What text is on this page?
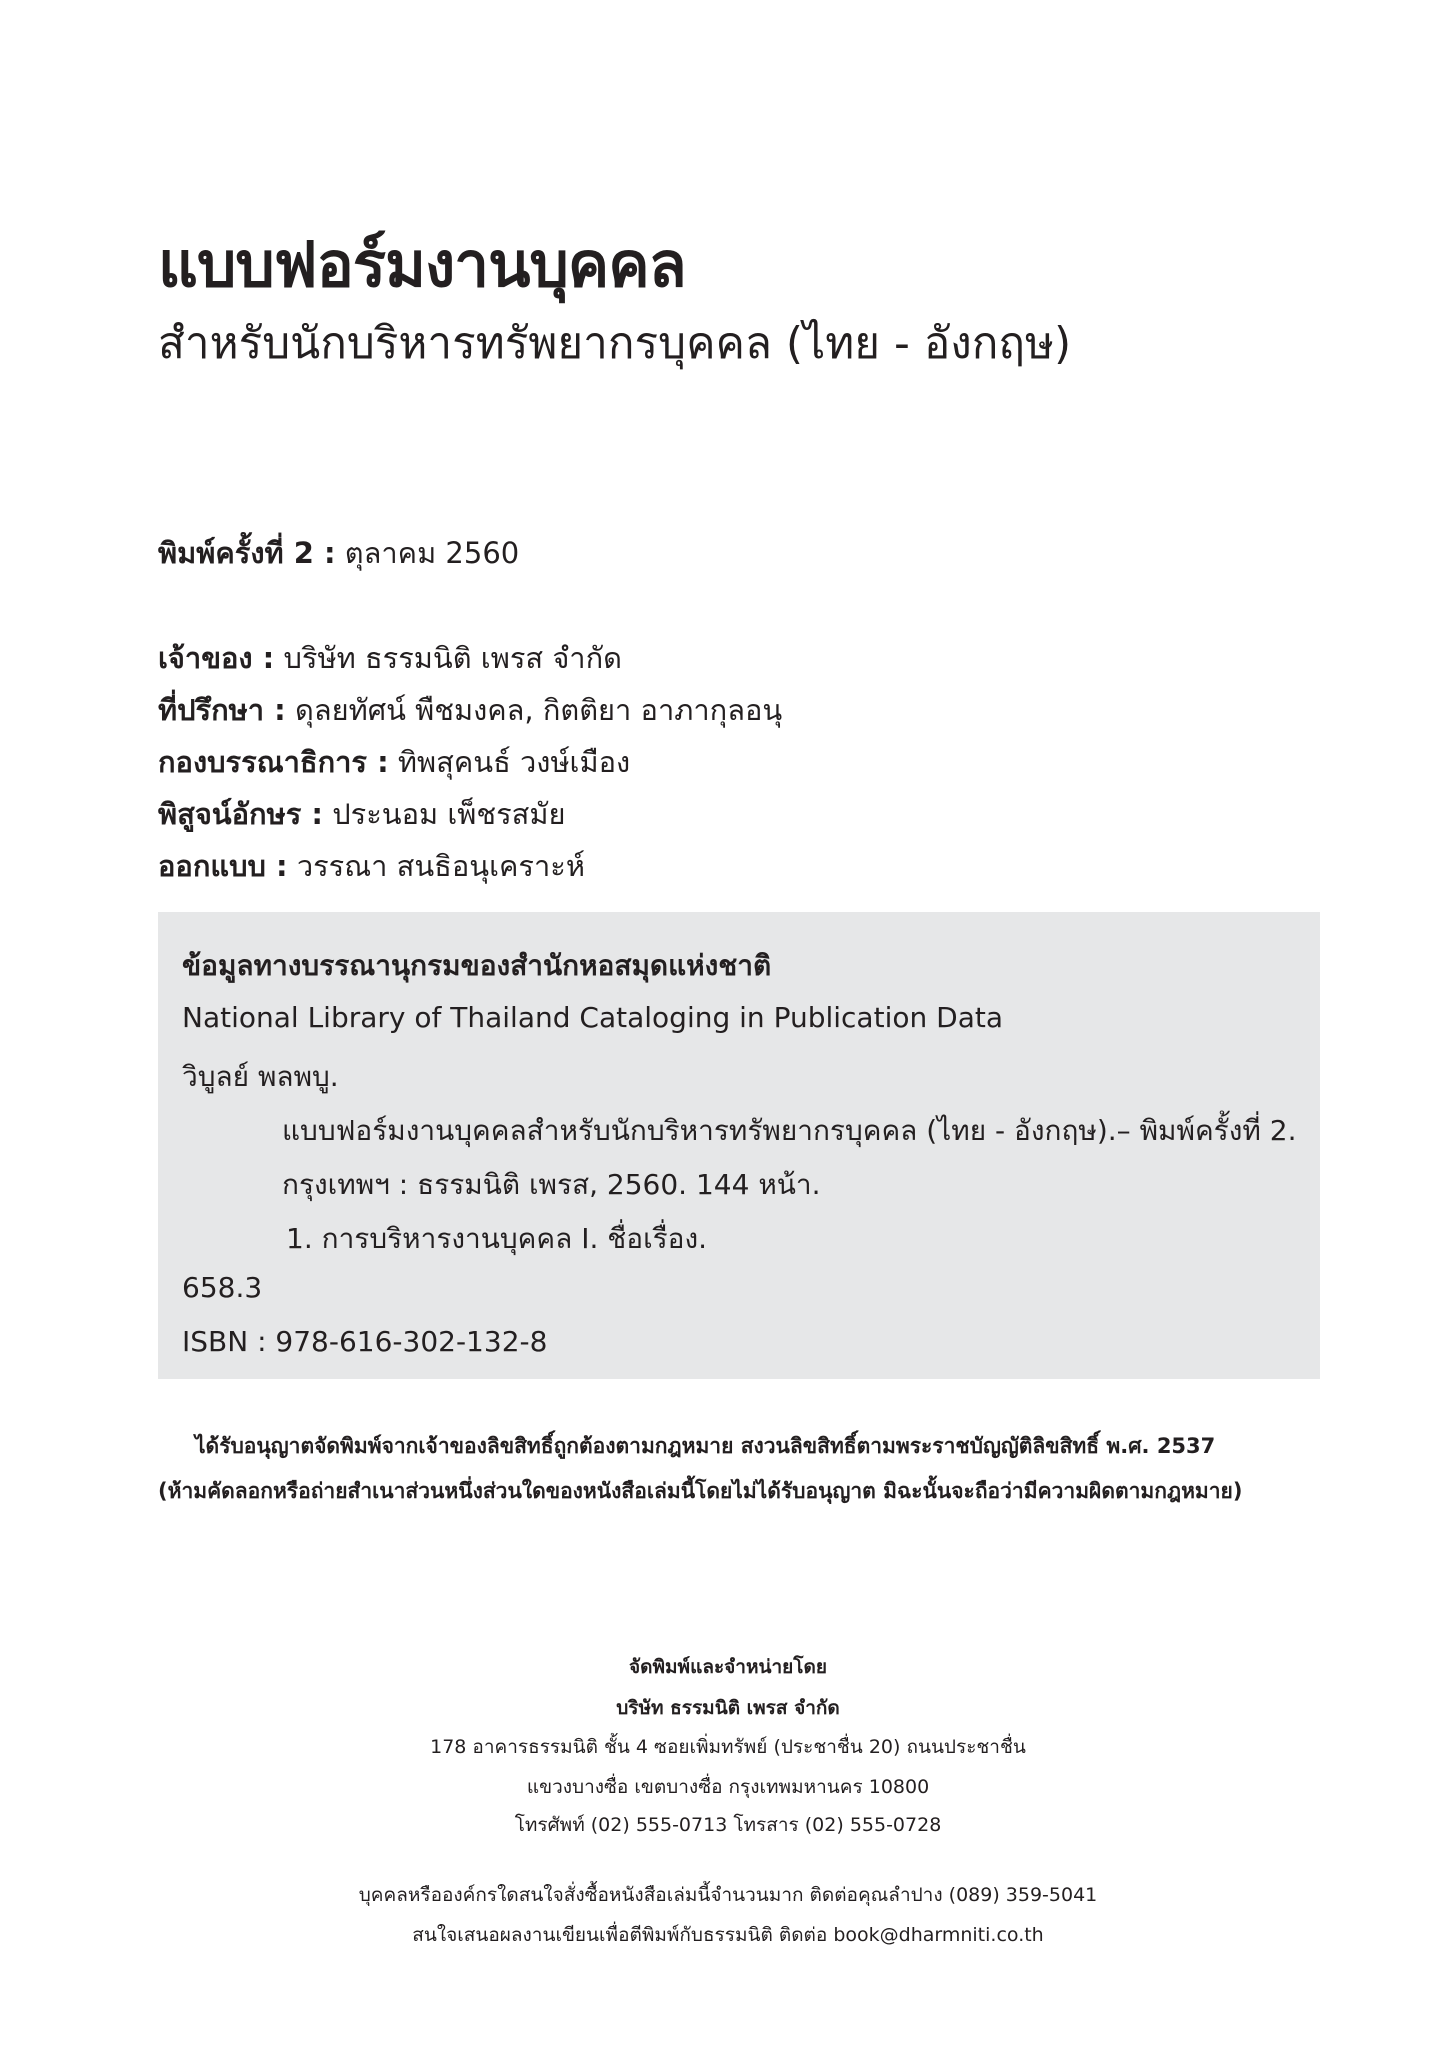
แบบฟอร์มงานบุคคล
สำหรับนักบริหารทรัพยากรบุคคล (ไทย - อังกฤษ)
พิมพ์ครั้งที่ 2 : ตุลาคม 2560
เจ้าของ : บริษัท ธรรมนิติ เพรส จำกัด
ที่ปรึกษา : ดุลยทัศน์ พืชมงคล, กิตติยา อาภากุลอนุ
กองบรรณาธิการ : ทิพสุคนธ์ วงษ์เมือง
พิสูจน์อักษร : ประนอม เพ็ชรสมัย
ออกแบบ : วรรณา สนธิอนุเคราะห์
ข้อมูลทางบรรณานุกรมของสำนักหอสมุดแห่งชาติ
National Library of Thailand Cataloging in Publication Data
วิบูลย์ พลพบู.
แบบฟอร์มงานบุคคลสำหรับนักบริหารทรัพยากรบุคคล (ไทย - อังกฤษ).– พิมพ์ครั้งที่ 2.
กรุงเทพฯ : ธรรมนิติ เพรส, 2560. 144 หน้า.
1. การบริหารงานบุคคล I. ชื่อเรื่อง.
658.3
ISBN : 978-616-302-132-8
ได้รับอนุญาตจัดพิมพ์จากเจ้าของลิขสิทธิ์ถูกต้องตามกฎหมาย สงวนลิขสิทธิ์ตามพระราชบัญญัติลิขสิทธิ์ พ.ศ. 2537
(ห้ามคัดลอกหรือถ่ายสำเนาส่วนหนึ่งส่วนใดของหนังสือเล่มนี้โดยไม่ได้รับอนุญาต มิฉะนั้นจะถือว่ามีความผิดตามกฎหมาย)
จัดพิมพ์และจำหน่ายโดย
บริษัท ธรรมนิติ เพรส จำกัด
178 อาคารธรรมนิติ ชั้น 4 ซอยเพิ่มทรัพย์ (ประชาชื่น 20) ถนนประชาชื่น
แขวงบางซื่อ เขตบางซื่อ กรุงเทพมหานคร 10800
โทรศัพท์ (02) 555-0713 โทรสาร (02) 555-0728
บุคคลหรือองค์กรใดสนใจสั่งซื้อหนังสือเล่มนี้จำนวนมาก ติดต่อคุณลำปาง (089) 359-5041
สนใจเสนอผลงานเขียนเพื่อตีพิมพ์กับธรรมนิติ ติดต่อ book@dharmniti.co.th
